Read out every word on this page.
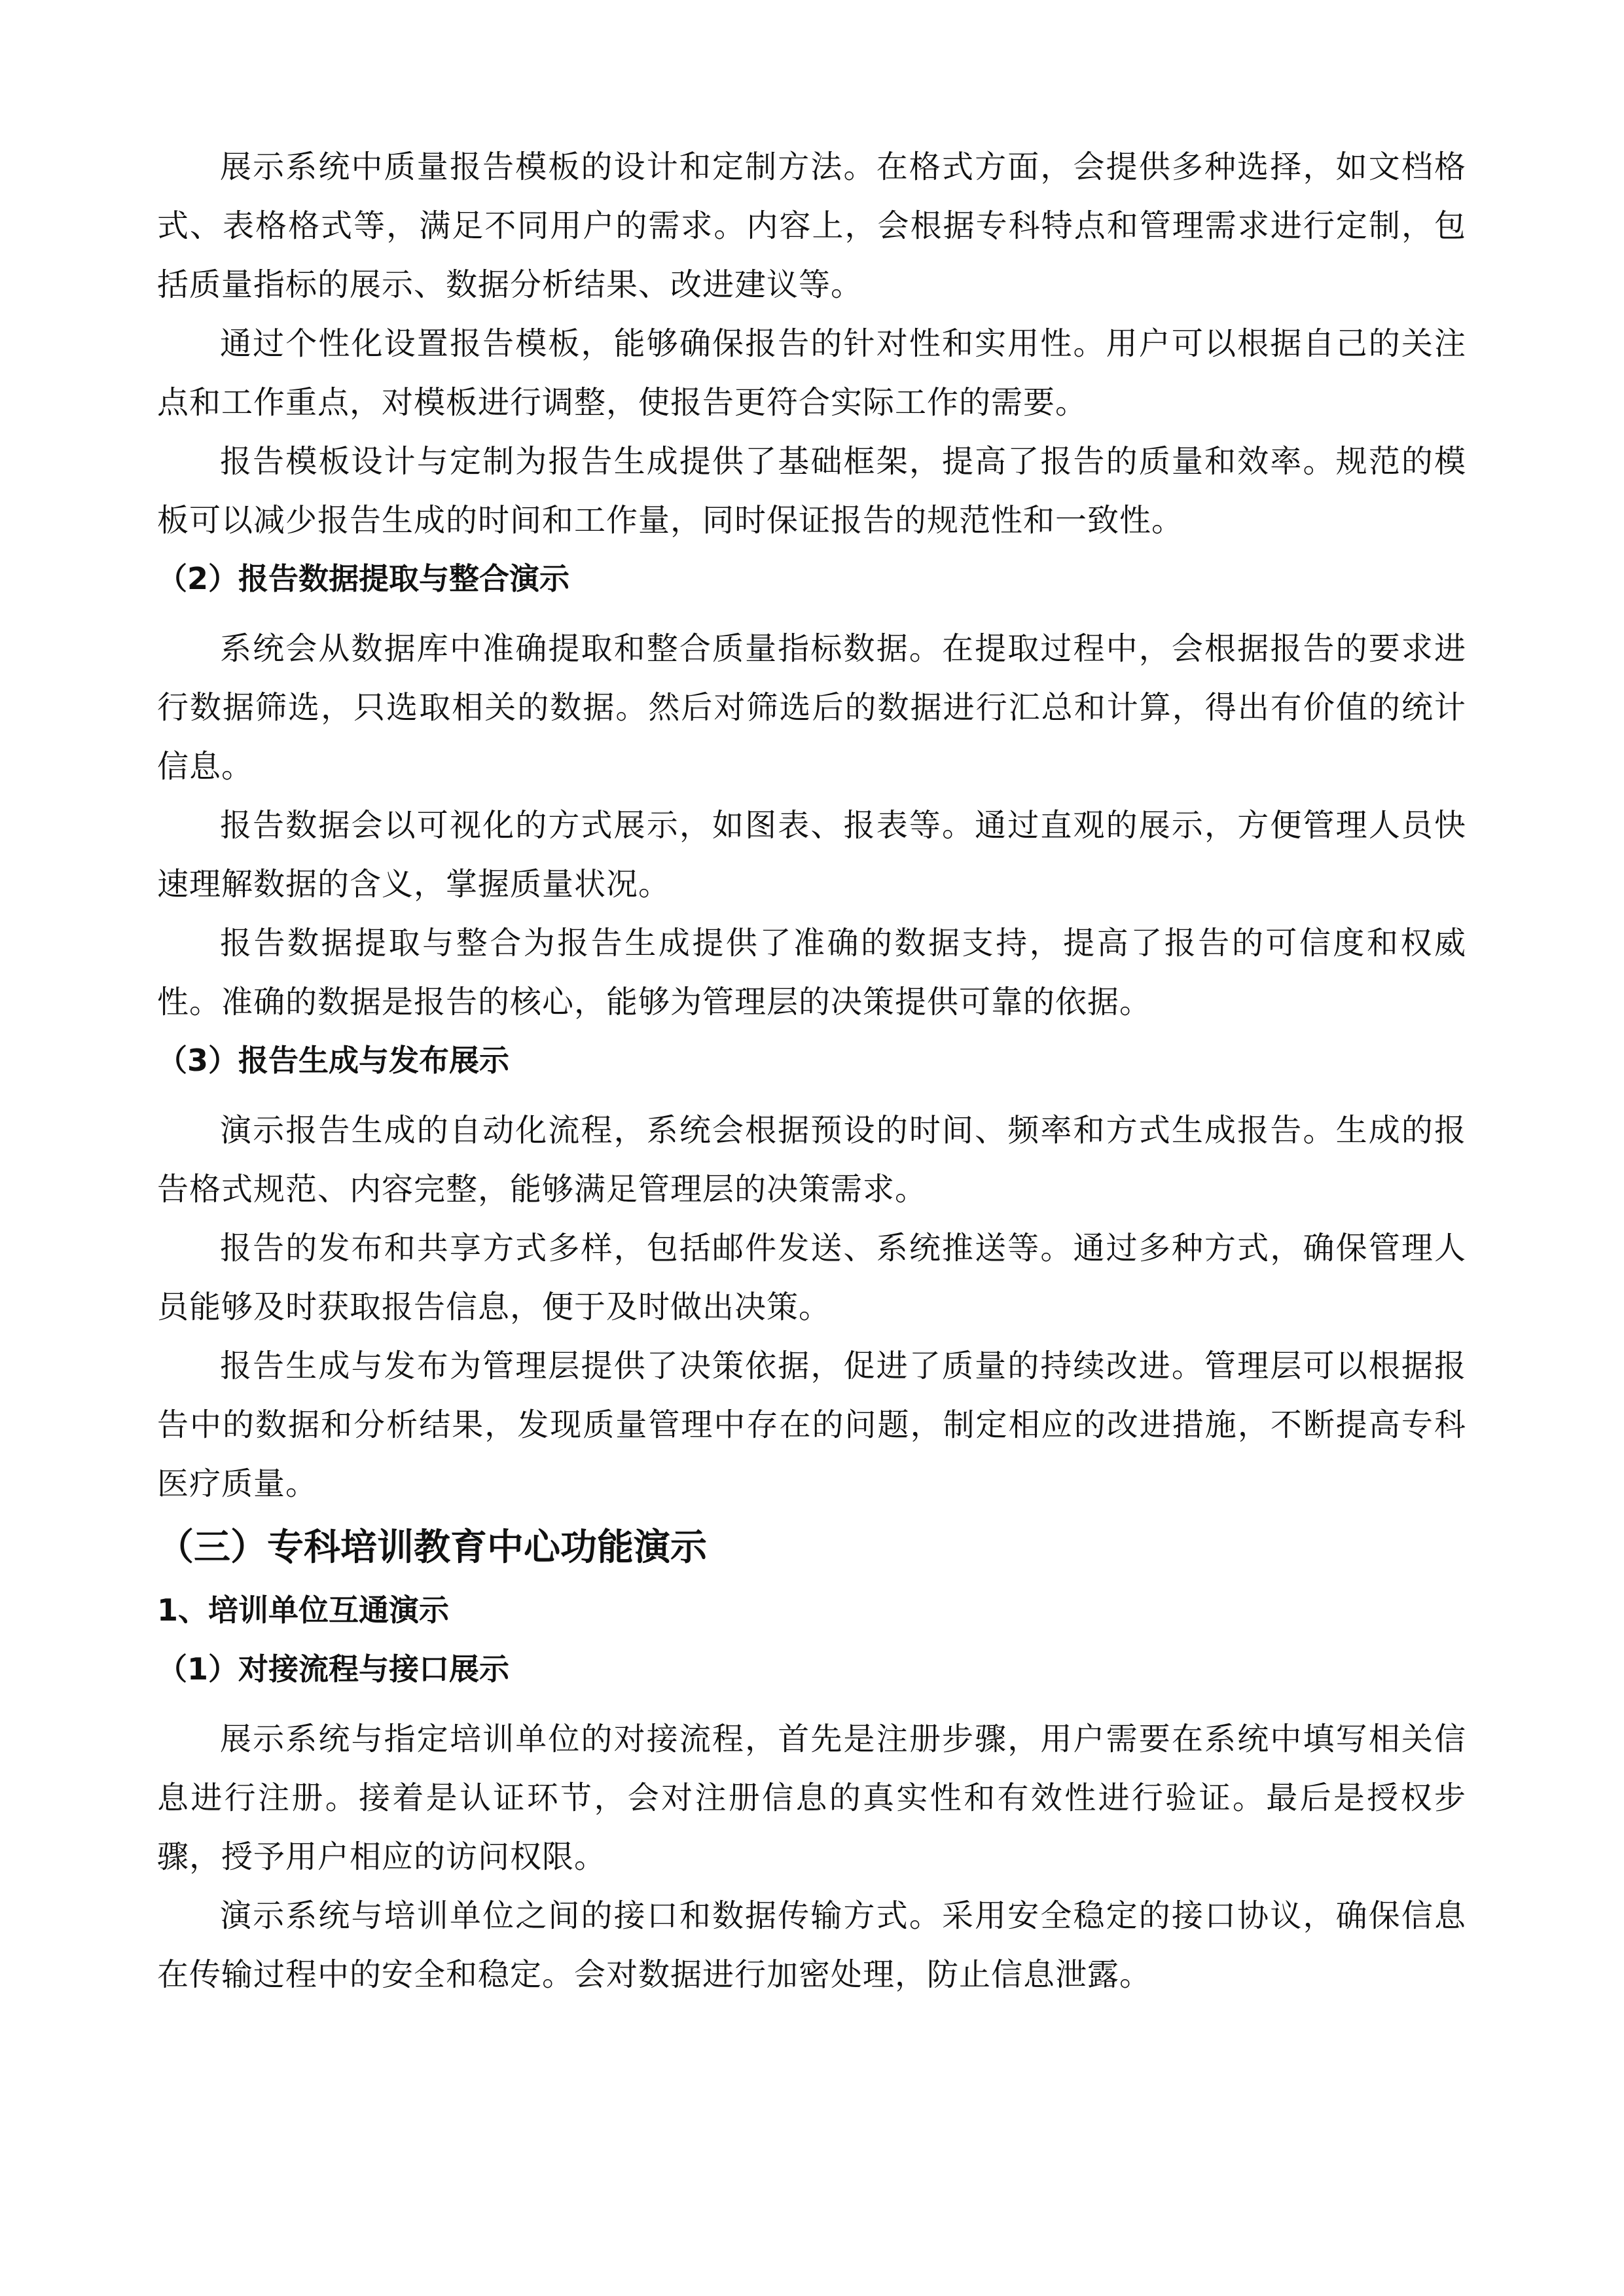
展示系统中质量报告模板的设计和定制方法。在格式方面，会提供多种选择，如文档格式、表格格式等，满足不同用户的需求。内容上，会根据专科特点和管理需求进行定制，包括质量指标的展示、数据分析结果、改进建议等。

通过个性化设置报告模板，能够确保报告的针对性和实用性。用户可以根据自己的关注点和工作重点，对模板进行调整，使报告更符合实际工作的需要。

报告模板设计与定制为报告生成提供了基础框架，提高了报告的质量和效率。规范的模板可以减少报告生成的时间和工作量，同时保证报告的规范性和一致性。

（2）报告数据提取与整合演示

系统会从数据库中准确提取和整合质量指标数据。在提取过程中，会根据报告的要求进行数据筛选，只选取相关的数据。然后对筛选后的数据进行汇总和计算，得出有价值的统计信息。

报告数据会以可视化的方式展示，如图表、报表等。通过直观的展示，方便管理人员快速理解数据的含义，掌握质量状况。

报告数据提取与整合为报告生成提供了准确的数据支持，提高了报告的可信度和权威性。准确的数据是报告的核心，能够为管理层的决策提供可靠的依据。

（3）报告生成与发布展示

演示报告生成的自动化流程，系统会根据预设的时间、频率和方式生成报告。生成的报告格式规范、内容完整，能够满足管理层的决策需求。

报告的发布和共享方式多样，包括邮件发送、系统推送等。通过多种方式，确保管理人员能够及时获取报告信息，便于及时做出决策。

报告生成与发布为管理层提供了决策依据，促进了质量的持续改进。管理层可以根据报告中的数据和分析结果，发现质量管理中存在的问题，制定相应的改进措施，不断提高专科医疗质量。

（三）专科培训教育中心功能演示

1、培训单位互通演示

（1）对接流程与接口展示

展示系统与指定培训单位的对接流程，首先是注册步骤，用户需要在系统中填写相关信息进行注册。接着是认证环节，会对注册信息的真实性和有效性进行验证。最后是授权步骤，授予用户相应的访问权限。

演示系统与培训单位之间的接口和数据传输方式。采用安全稳定的接口协议，确保信息在传输过程中的安全和稳定。会对数据进行加密处理，防止信息泄露。
